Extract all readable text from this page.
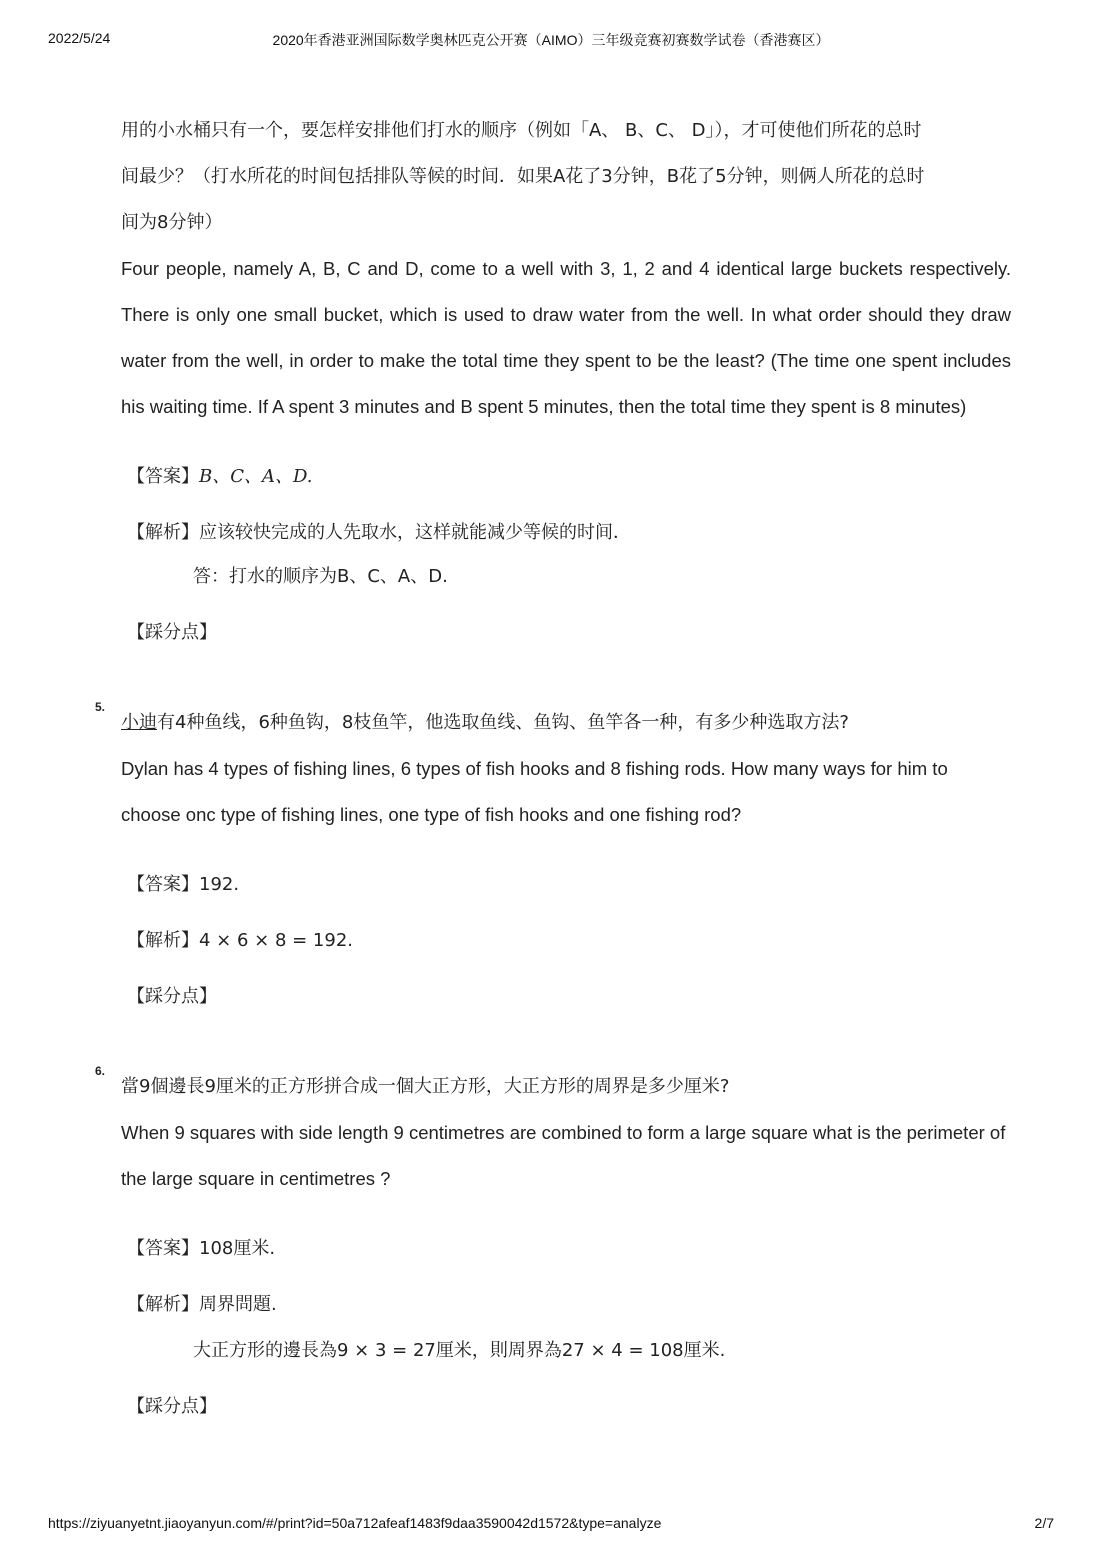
2022/5/24	2020年香港亚洲国际数学奥林匹克公开赛（AIMO）三年级竞赛初赛数学试卷（香港赛区）

用的小水桶只有一个，要怎样安排他们打水的顺序（例如「A、 B、C、 D」），才可使他们所花的总时

间最少？（打水所花的时间包括排队等候的时间．如果A花了3分钟，B花了5分钟，则俩人所花的总时

间为8分钟）

Four people, namely A, B, C and D, come to a well with 3, 1, 2 and 4 identical large buckets respectively. There is only one small bucket, which is used to draw water from the well. In what order should they draw water from the well, in order to make the total time they spent to be the least? (The time one spent includes his waiting time. If A spent 3 minutes and B spent 5 minutes, then the total time they spent is 8 minutes)

【答案】B、C、A、D.
【解析】应该较快完成的人先取水，这样就能减少等候的时间．
答：打水的顺序为B、C、A、D.
【踩分点】
5.

小迪有4种鱼线，6种鱼钩，8枝鱼竿，他选取鱼线、鱼钩、鱼竿各一种，有多少种选取方法?

Dylan has 4 types of fishing lines, 6 types of fish hooks and 8 fishing rods. How many ways for him to choose onc type of fishing lines, one type of fish hooks and one fishing rod?

【答案】192.
【解析】4 × 6 × 8 = 192.
【踩分点】
6.

當9個邊長9厘米的正方形拼合成一個大正方形，大正方形的周界是多少厘米?

When 9 squares with side length 9 centimetres are combined to form a large square what is the perimeter of the large square in centimetres ?

【答案】108厘米.
【解析】周界問題.
大正方形的邊長為9 × 3 = 27厘米，則周界為27 × 4 = 108厘米.
【踩分点】
https://ziyuanyetnt.jiaoyanyun.com/#/print?id=50a712afeaf1483f9daa3590042d1572&type=analyze	2/7
